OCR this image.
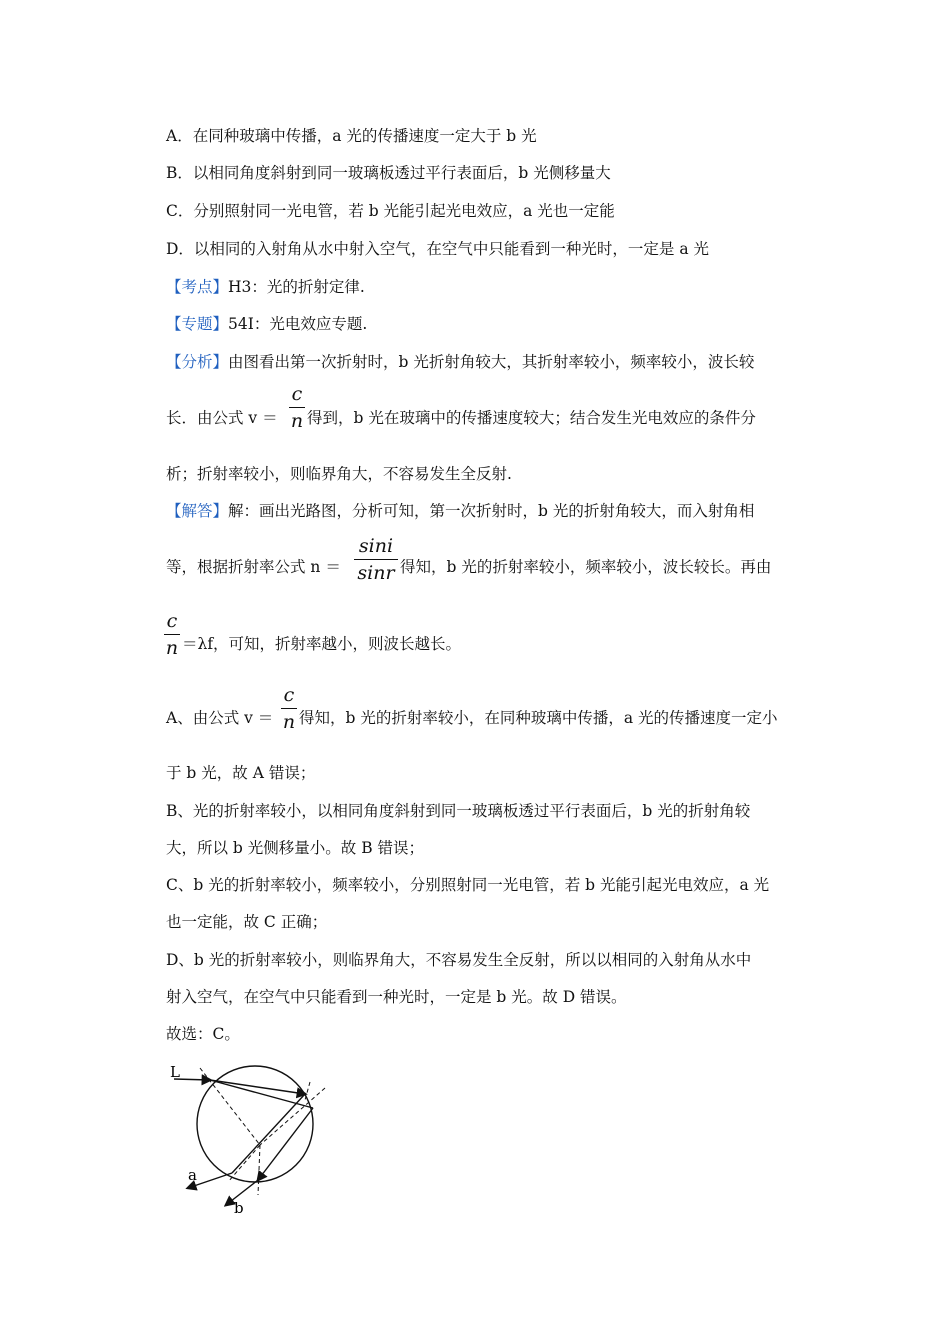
A．在同种玻璃中传播，a 光的传播速度一定大于 b 光
B．以相同角度斜射到同一玻璃板透过平行表面后，b 光侧移量大
C．分别照射同一光电管，若 b 光能引起光电效应，a 光也一定能
D．以相同的入射角从水中射入空气，在空气中只能看到一种光时，一定是 a 光
【考点】H3：光的折射定律.
【专题】54I：光电效应专题.
【分析】由图看出第一次折射时，b 光折射角较大，其折射率较小，频率较小，波长较
长．由公式 v ＝
c
n 得到，b 光在玻璃中的传播速度较大；结合发生光电效应的条件分
析；折射率较小，则临界角大，不容易发生全反射.
【解答】解：画出光路图，分析可知，第一次折射时，b 光的折射角较大，而入射角相
等，根据折射率公式 n ＝
sini
sinr 得知，b 光的折射率较小，频率较小，波长较长。再由
c
n ＝λf，可知，折射率越小，则波长越长。
A、由公式 v ＝
c
n 得知，b 光的折射率较小，在同种玻璃中传播，a 光的传播速度一定小
于 b 光，故 A 错误；
B、光的折射率较小，以相同角度斜射到同一玻璃板透过平行表面后，b 光的折射角较
大，所以 b 光侧移量小。故 B 错误；
C、b 光的折射率较小，频率较小，分别照射同一光电管，若 b 光能引起光电效应，a 光
也一定能，故 C 正确；
D、b 光的折射率较小，则临界角大，不容易发生全反射，所以以相同的入射角从水中
射入空气，在空气中只能看到一种光时，一定是 b 光。故 D 错误。
故选：C。
L
a
b
